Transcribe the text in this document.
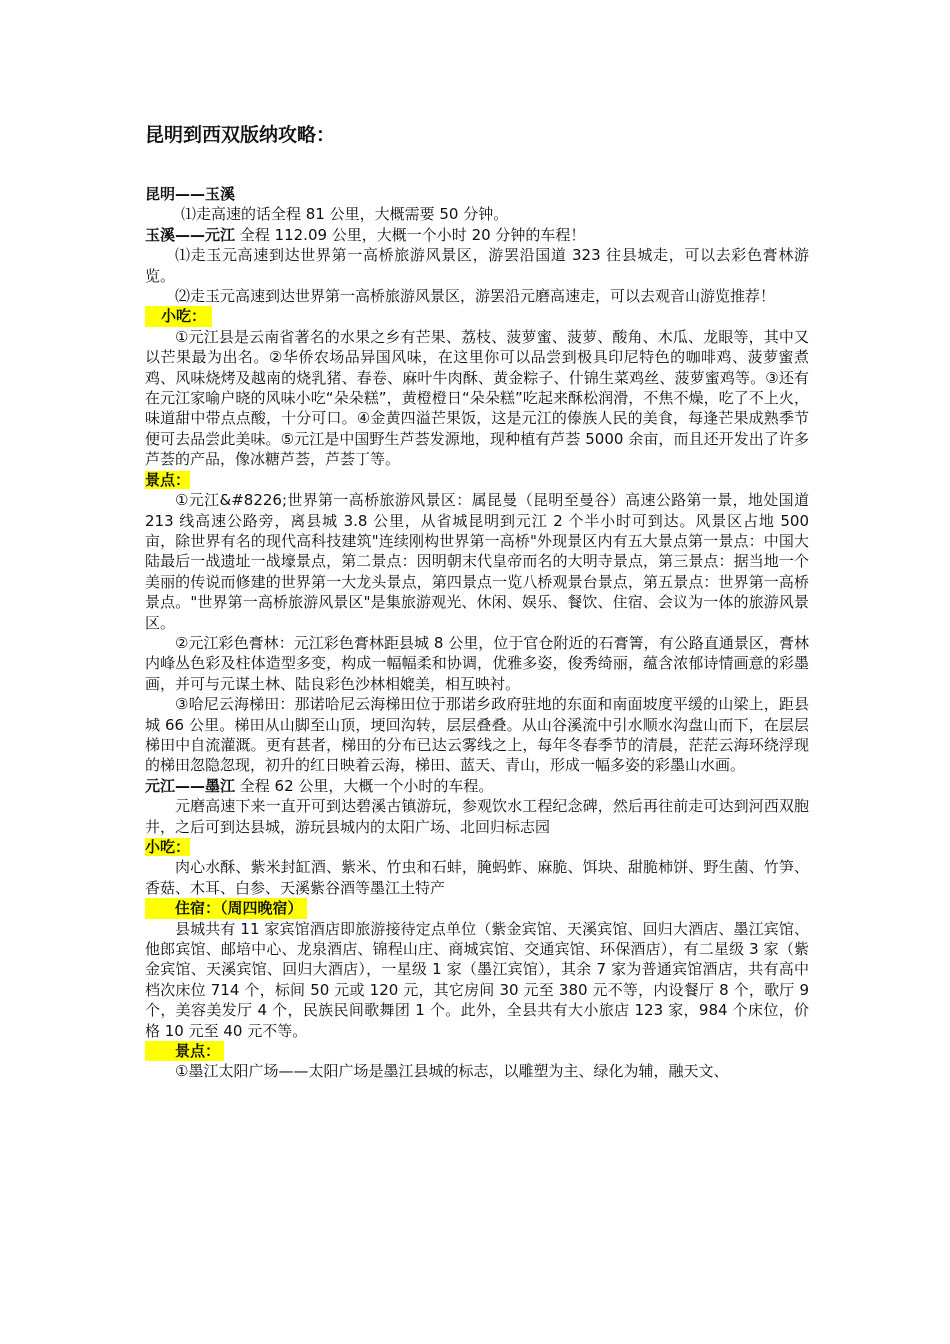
昆明到西双版纳攻略：

昆明——玉溪

⑴走高速的话全程 81 公里，大概需要 50 分钟。

玉溪——元江 全程 112.09 公里，大概一个小时 20 分钟的车程！

⑴走玉元高速到达世界第一高桥旅游风景区，游罢沿国道 323 往县城走，可以去彩色膏林游览。

⑵走玉元高速到达世界第一高桥旅游风景区，游罢沿元磨高速走，可以去观音山游览推荐！

小吃：

①元江县是云南省著名的水果之乡有芒果、荔枝、菠萝蜜、菠萝、酸角、木瓜、龙眼等，其中又以芒果最为出名。②华侨农场品异国风味，在这里你可以品尝到极具印尼特色的咖啡鸡、菠萝蜜煮鸡、风味烧烤及越南的烧乳猪、春卷、麻叶牛肉酥、黄金粽子、什锦生菜鸡丝、菠萝蜜鸡等。③还有在元江家喻户晓的风味小吃“朵朵糕”，黄橙橙日“朵朵糕”吃起来酥松润滑，不焦不燥，吃了不上火，味道甜中带点点酸，十分可口。④金黄四溢芒果饭，这是元江的傣族人民的美食，每逢芒果成熟季节便可去品尝此美味。⑤元江是中国野生芦荟发源地，现种植有芦荟 5000 余亩，而且还开发出了许多芦荟的产品，像冰糖芦荟，芦荟丁等。

景点：

①元江&#8226;世界第一高桥旅游风景区：属昆曼（昆明至曼谷）高速公路第一景，地处国道 213 线高速公路旁，离县城 3.8 公里，从省城昆明到元江 2 个半小时可到达。风景区占地 500 亩，除世界有名的现代高科技建筑"连续刚构世界第一高桥"外现景区内有五大景点第一景点：中国大陆最后一战遗址一战壕景点，第二景点：因明朝末代皇帝而名的大明寺景点，第三景点：据当地一个美丽的传说而修建的世界第一大龙头景点，第四景点一览八桥观景台景点，第五景点：世界第一高桥景点。"世界第一高桥旅游风景区"是集旅游观光、休闲、娱乐、餐饮、住宿、会议为一体的旅游风景区。

②元江彩色膏林：元江彩色膏林距县城 8 公里，位于官仓附近的石膏箐，有公路直通景区，膏林内峰丛色彩及柱体造型多变，构成一幅幅柔和协调，优雅多姿，俊秀绮丽，蕴含浓郁诗情画意的彩墨画，并可与元谋土林、陆良彩色沙林相媲美，相互映衬。

③哈尼云海梯田：那诺哈尼云海梯田位于那诺乡政府驻地的东面和南面坡度平缓的山梁上，距县城 66 公里。梯田从山脚至山顶，埂回沟转，层层叠叠。从山谷溪流中引水顺水沟盘山而下，在层层梯田中自流灌溉。更有甚者，梯田的分布已达云雾线之上，每年冬春季节的清晨，茫茫云海环绕浮现的梯田忽隐忽现，初升的红日映着云海，梯田、蓝天、青山，形成一幅多姿的彩墨山水画。

元江——墨江 全程 62 公里，大概一个小时的车程。

元磨高速下来一直开可到达碧溪古镇游玩，参观饮水工程纪念碑，然后再往前走可达到河西双胞井，之后可到达县城，游玩县城内的太阳广场、北回归标志园

小吃：

肉心水酥、紫米封缸酒、紫米、竹虫和石蚌，腌蚂蚱、麻脆、饵块、甜脆柿饼、野生菌、竹笋、香菇、木耳、白参、天溪紫谷酒等墨江土特产

住宿：（周四晚宿）

县城共有 11 家宾馆酒店即旅游接待定点单位（紫金宾馆、天溪宾馆、回归大酒店、墨江宾馆、他郎宾馆、邮培中心、龙泉酒店、锦程山庄、商城宾馆、交通宾馆、环保酒店），有二星级 3 家（紫金宾馆、天溪宾馆、回归大酒店），一星级 1 家（墨江宾馆），其余 7 家为普通宾馆酒店，共有高中档次床位 714 个，标间 50 元或 120 元，其它房间 30 元至 380 元不等，内设餐厅 8 个，歌厅 9 个，美容美发厅 4 个，民族民间歌舞团 1 个。此外，全县共有大小旅店 123 家，984 个床位，价格 10 元至 40 元不等。

景点：

①墨江太阳广场——太阳广场是墨江县城的标志，以雕塑为主、绿化为辅，融天文、
